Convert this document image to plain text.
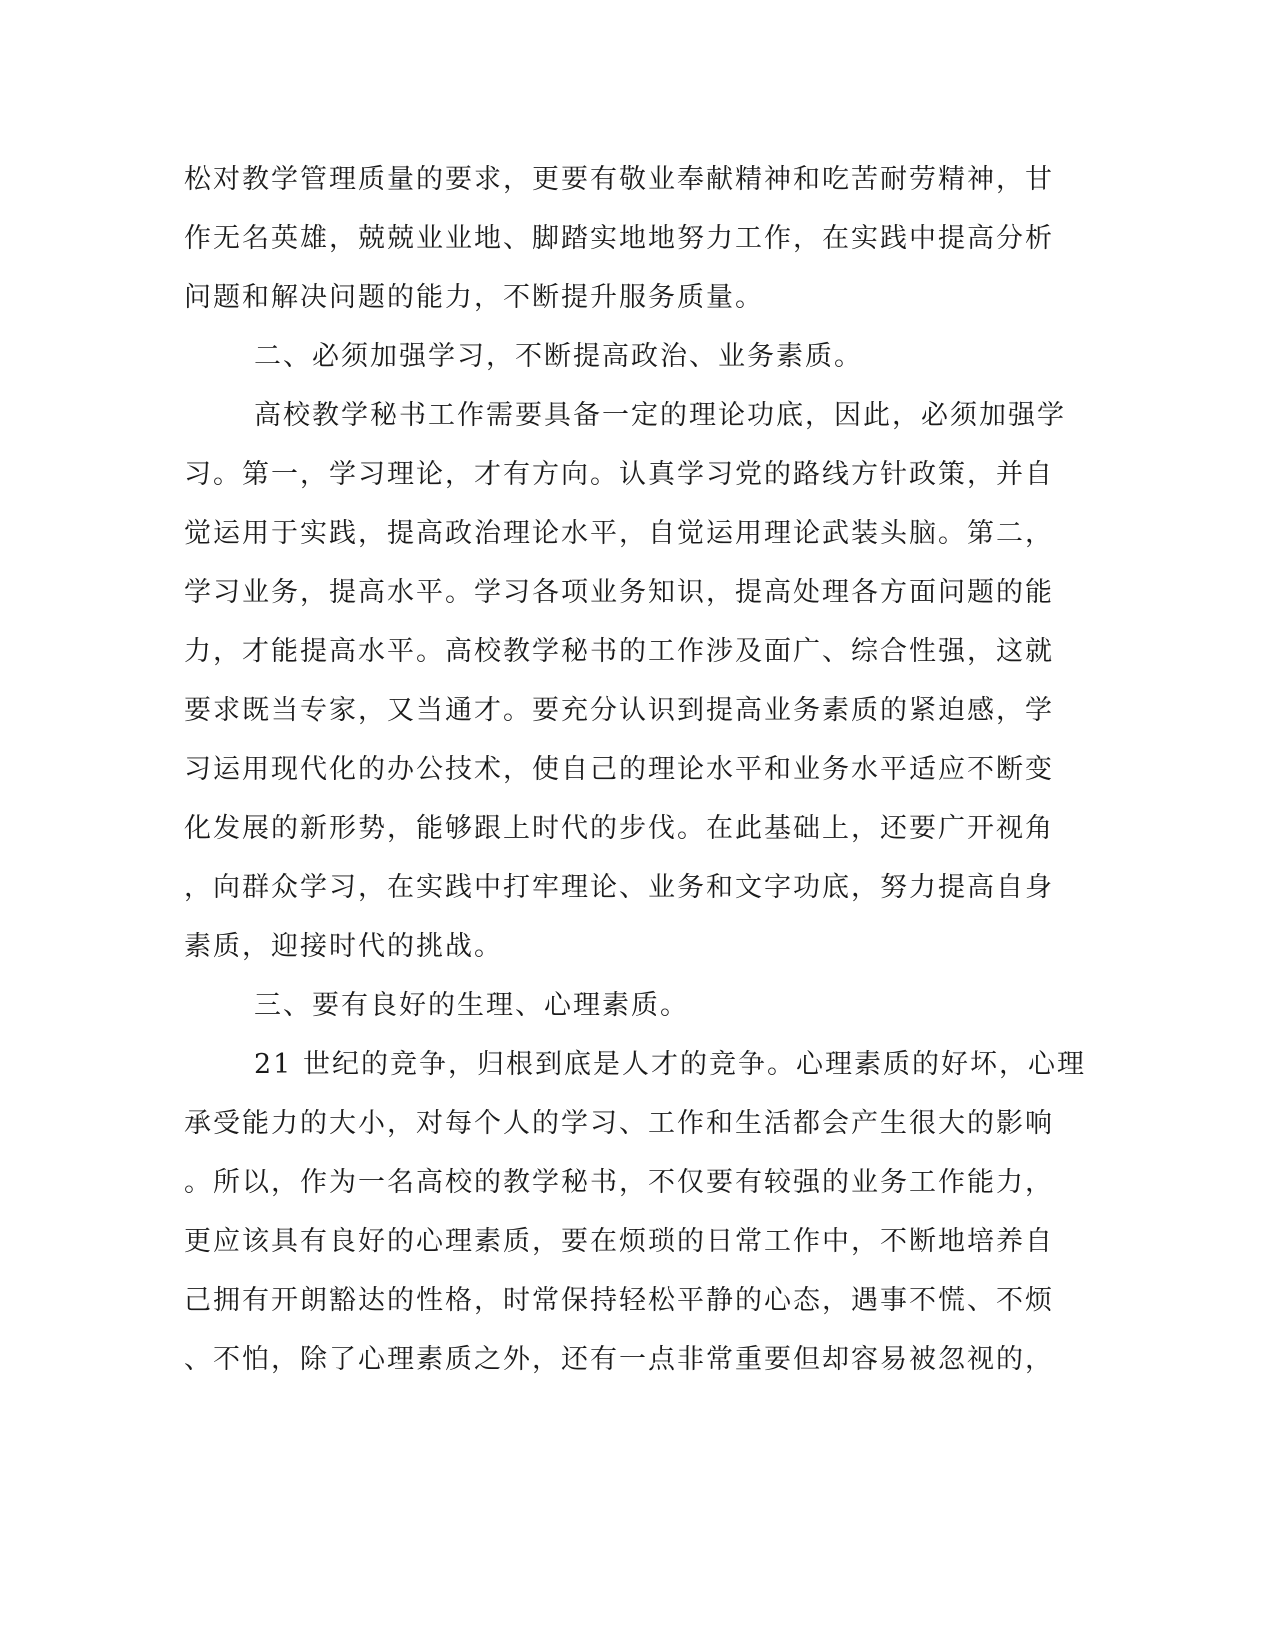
松对教学管理质量的要求，更要有敬业奉献精神和吃苦耐劳精神，甘
作无名英雄，兢兢业业地、脚踏实地地努力工作，在实践中提高分析
问题和解决问题的能力，不断提升服务质量。
二、必须加强学习，不断提高政治、业务素质。
高校教学秘书工作需要具备一定的理论功底，因此，必须加强学
习。第一，学习理论，才有方向。认真学习党的路线方针政策，并自
觉运用于实践，提高政治理论水平，自觉运用理论武装头脑。第二，
学习业务，提高水平。学习各项业务知识，提高处理各方面问题的能
力，才能提高水平。高校教学秘书的工作涉及面广、综合性强，这就
要求既当专家，又当通才。要充分认识到提高业务素质的紧迫感，学
习运用现代化的办公技术，使自己的理论水平和业务水平适应不断变
化发展的新形势，能够跟上时代的步伐。在此基础上，还要广开视角
，向群众学习，在实践中打牢理论、业务和文字功底，努力提高自身
素质，迎接时代的挑战。
三、要有良好的生理、心理素质。
21 世纪的竞争，归根到底是人才的竞争。心理素质的好坏，心理
承受能力的大小，对每个人的学习、工作和生活都会产生很大的影响
。所以，作为一名高校的教学秘书，不仅要有较强的业务工作能力，
更应该具有良好的心理素质，要在烦琐的日常工作中，不断地培养自
己拥有开朗豁达的性格，时常保持轻松平静的心态，遇事不慌、不烦
、不怕，除了心理素质之外，还有一点非常重要但却容易被忽视的，
